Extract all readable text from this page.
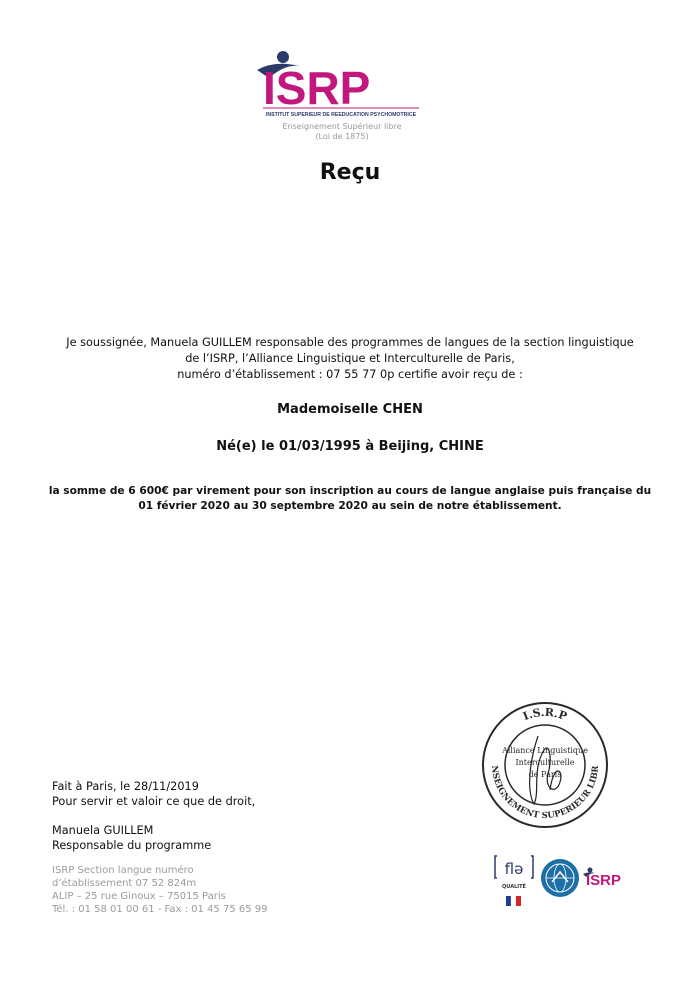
ISRP
INSTITUT SUPERIEUR DE REEDUCATION PSYCHOMOTRICE
Enseignement Supérieur libre
(Loi de 1875)
Reçu
Je soussignée, Manuela GUILLEM responsable des programmes de langues de la section linguistique
de l’ISRP, l’Alliance Linguistique et Interculturelle de Paris,
numéro d’établissement : 07 55 77 0p certifie avoir reçu de :
Mademoiselle CHEN
Né(e) le 01/03/1995 à Beijing, CHINE
la somme de 6 600€ par virement pour son inscription au cours de langue anglaise puis française du
01 février 2020 au 30 septembre 2020 au sein de notre établissement.
I.S.R.P
NSEIGNEMENT SUPERIEUR LIBR
Alliance Linguistique
Interculturelle
de Paris
Fait à Paris, le 28/11/2019
Pour servir et valoir ce que de droit,
Manuela GUILLEM
Responsable du programme
ISRP Section langue numéro
d’établissement 07 52 824m
ALIP – 25 rue Ginoux – 75015 Paris
Tél. : 01 58 01 00 61 - Fax : 01 45 75 65 99
flə
QUALITÉ	ISRP
